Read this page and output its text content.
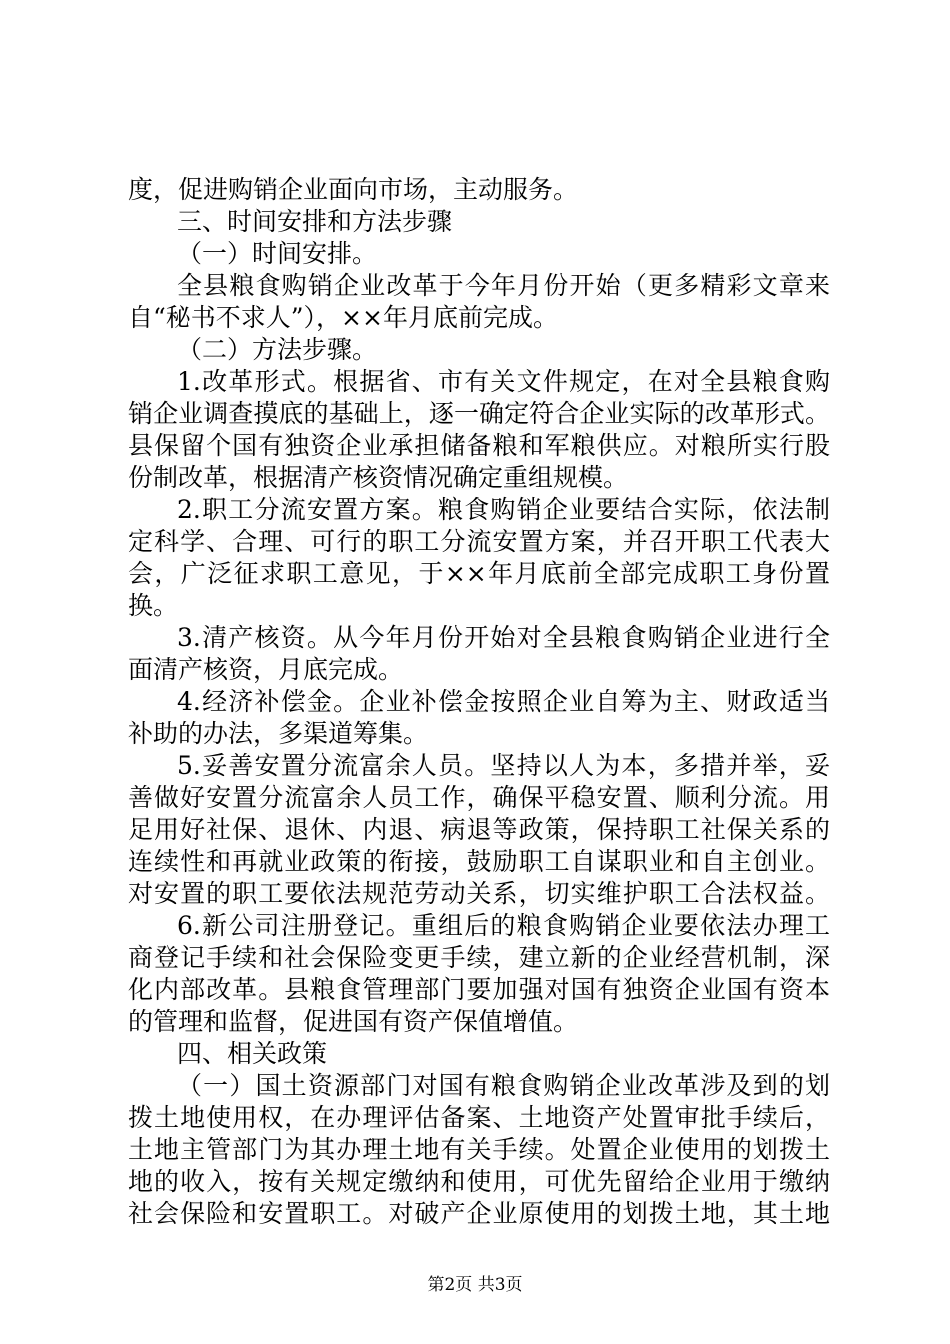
度，促进购销企业面向市场，主动服务。
三、时间安排和方法步骤
（一）时间安排。
全县粮食购销企业改革于今年月份开始（更多精彩文章来
自“秘书不求人”），××年月底前完成。
（二）方法步骤。
1.改革形式。根据省、市有关文件规定，在对全县粮食购
销企业调查摸底的基础上，逐一确定符合企业实际的改革形式。
县保留个国有独资企业承担储备粮和军粮供应。对粮所实行股
份制改革，根据清产核资情况确定重组规模。
2.职工分流安置方案。粮食购销企业要结合实际，依法制
定科学、合理、可行的职工分流安置方案，并召开职工代表大
会，广泛征求职工意见，于××年月底前全部完成职工身份置
换。
3.清产核资。从今年月份开始对全县粮食购销企业进行全
面清产核资，月底完成。
4.经济补偿金。企业补偿金按照企业自筹为主、财政适当
补助的办法，多渠道筹集。
5.妥善安置分流富余人员。坚持以人为本，多措并举，妥
善做好安置分流富余人员工作，确保平稳安置、顺利分流。用
足用好社保、退休、内退、病退等政策，保持职工社保关系的
连续性和再就业政策的衔接，鼓励职工自谋职业和自主创业。
对安置的职工要依法规范劳动关系，切实维护职工合法权益。
6.新公司注册登记。重组后的粮食购销企业要依法办理工
商登记手续和社会保险变更手续，建立新的企业经营机制，深
化内部改革。县粮食管理部门要加强对国有独资企业国有资本
的管理和监督，促进国有资产保值增值。
四、相关政策
（一）国土资源部门对国有粮食购销企业改革涉及到的划
拨土地使用权，在办理评估备案、土地资产处置审批手续后，
土地主管部门为其办理土地有关手续。处置企业使用的划拨土
地的收入，按有关规定缴纳和使用，可优先留给企业用于缴纳
社会保险和安置职工。对破产企业原使用的划拨土地，其土地
第2页 共3页
